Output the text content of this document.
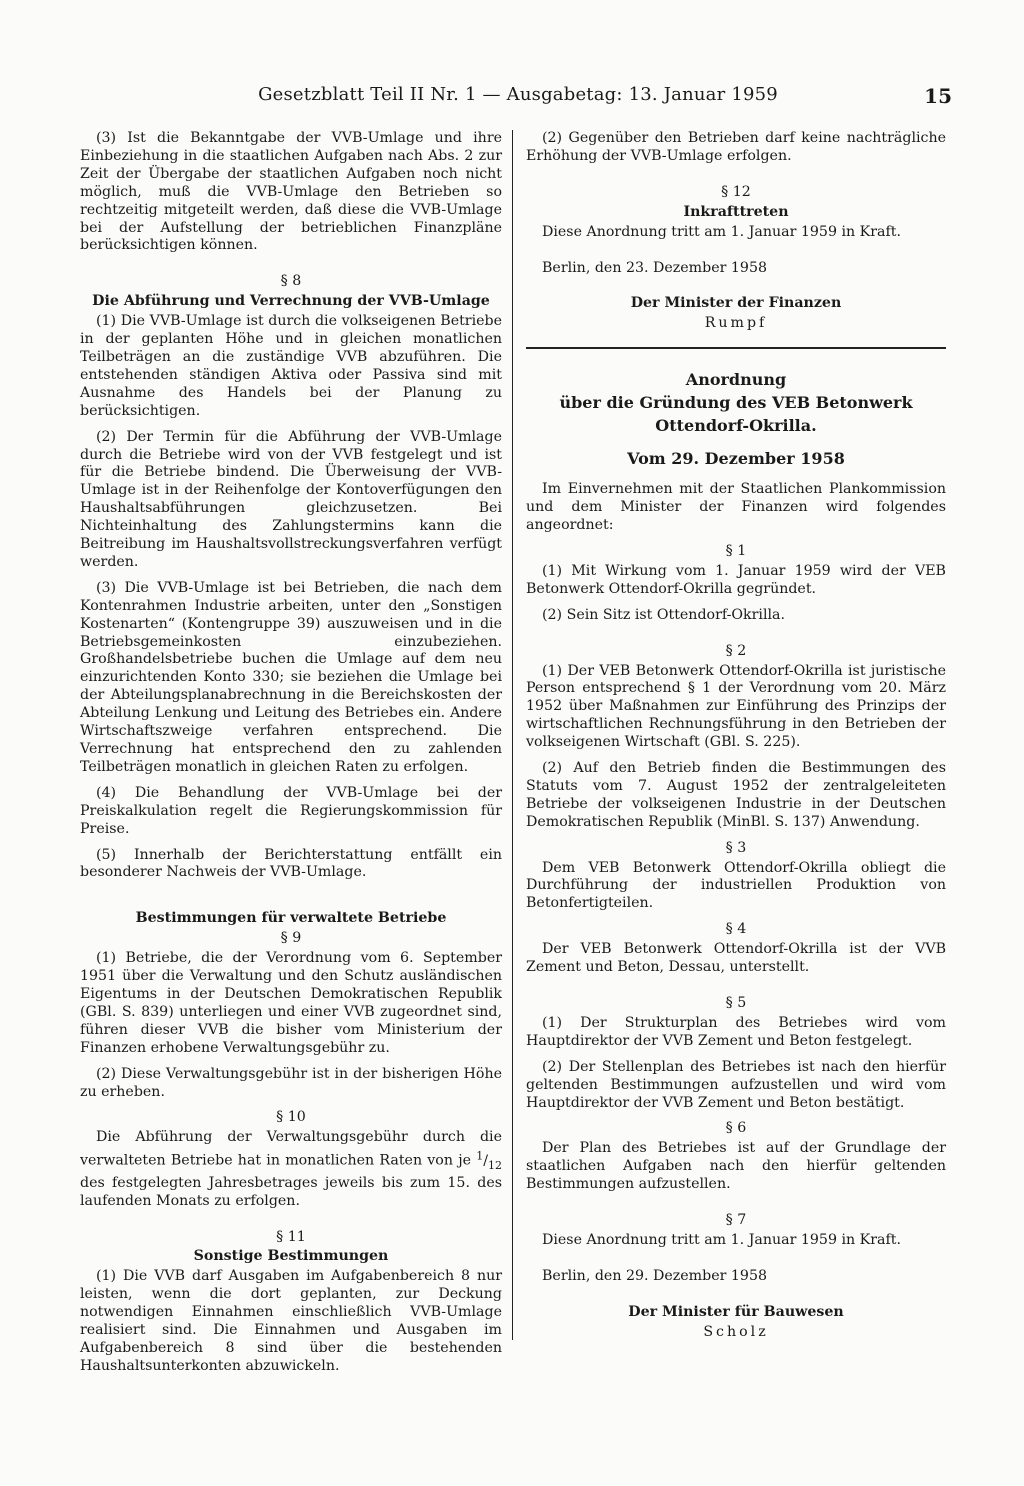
Gesetzblatt Teil II Nr. 1 — Ausgabetag: 13. Januar 1959	15

(3) Ist die Bekanntgabe der VVB-Umlage und ihre Einbeziehung in die staatlichen Aufgaben nach Abs. 2 zur Zeit der Übergabe der staatlichen Aufgaben noch nicht möglich, muß die VVB-Umlage den Betrieben so rechtzeitig mitgeteilt werden, daß diese die VVB-Umlage bei der Aufstellung der betrieblichen Finanzpläne berücksichtigen können.

§ 8

Die Abführung und Verrechnung der VVB-Umlage

(1) Die VVB-Umlage ist durch die volkseigenen Betriebe in der geplanten Höhe und in gleichen monatlichen Teilbeträgen an die zuständige VVB abzuführen. Die entstehenden ständigen Aktiva oder Passiva sind mit Ausnahme des Handels bei der Planung zu berücksichtigen.

(2) Der Termin für die Abführung der VVB-Umlage durch die Betriebe wird von der VVB festgelegt und ist für die Betriebe bindend. Die Überweisung der VVB-Umlage ist in der Reihenfolge der Kontoverfügungen den Haushaltsabführungen gleichzusetzen. Bei Nichteinhaltung des Zahlungstermins kann die Beitreibung im Haushaltsvollstreckungsverfahren verfügt werden.

(3) Die VVB-Umlage ist bei Betrieben, die nach dem Kontenrahmen Industrie arbeiten, unter den „Sonstigen Kostenarten“ (Kontengruppe 39) auszuweisen und in die Betriebsgemeinkosten einzubeziehen. Großhandelsbetriebe buchen die Umlage auf dem neu einzurichtenden Konto 330; sie beziehen die Umlage bei der Abteilungsplanabrechnung in die Bereichskosten der Abteilung Lenkung und Leitung des Betriebes ein. Andere Wirtschaftszweige verfahren entsprechend. Die Verrechnung hat entsprechend den zu zahlenden Teilbeträgen monatlich in gleichen Raten zu erfolgen.

(4) Die Behandlung der VVB-Umlage bei der Preiskalkulation regelt die Regierungskommission für Preise.

(5) Innerhalb der Berichterstattung entfällt ein besonderer Nachweis der VVB-Umlage.

Bestimmungen für verwaltete Betriebe

§ 9

(1) Betriebe, die der Verordnung vom 6. September 1951 über die Verwaltung und den Schutz ausländischen Eigentums in der Deutschen Demokratischen Republik (GBl. S. 839) unterliegen und einer VVB zugeordnet sind, führen dieser VVB die bisher vom Ministerium der Finanzen erhobene Verwaltungsgebühr zu.

(2) Diese Verwaltungsgebühr ist in der bisherigen Höhe zu erheben.

§ 10

Die Abführung der Verwaltungsgebühr durch die verwalteten Betriebe hat in monatlichen Raten von je $^1/_{12}$ des festgelegten Jahresbetrages jeweils bis zum 15. des laufenden Monats zu erfolgen.

§ 11

Sonstige Bestimmungen

(1) Die VVB darf Ausgaben im Aufgabenbereich 8 nur leisten, wenn die dort geplanten, zur Deckung notwendigen Einnahmen einschließlich VVB-Umlage realisiert sind. Die Einnahmen und Ausgaben im Aufgabenbereich 8 sind über die bestehenden Haushaltsunterkonten abzuwickeln.

(2) Gegenüber den Betrieben darf keine nachträgliche Erhöhung der VVB-Umlage erfolgen.

§ 12

Inkrafttreten

Diese Anordnung tritt am 1. Januar 1959 in Kraft.

Berlin, den 23. Dezember 1958

Der Minister der Finanzen

Rumpf

Anordnung

über die Gründung des VEB Betonwerk

Ottendorf-Okrilla.

Vom 29. Dezember 1958

Im Einvernehmen mit der Staatlichen Plankommission und dem Minister der Finanzen wird folgendes angeordnet:

§ 1

(1) Mit Wirkung vom 1. Januar 1959 wird der VEB Betonwerk Ottendorf-Okrilla gegründet.

(2) Sein Sitz ist Ottendorf-Okrilla.

§ 2

(1) Der VEB Betonwerk Ottendorf-Okrilla ist juristische Person entsprechend § 1 der Verordnung vom 20. März 1952 über Maßnahmen zur Einführung des Prinzips der wirtschaftlichen Rechnungsführung in den Betrieben der volkseigenen Wirtschaft (GBl. S. 225).

(2) Auf den Betrieb finden die Bestimmungen des Statuts vom 7. August 1952 der zentralgeleiteten Betriebe der volkseigenen Industrie in der Deutschen Demokratischen Republik (MinBl. S. 137) Anwendung.

§ 3

Dem VEB Betonwerk Ottendorf-Okrilla obliegt die Durchführung der industriellen Produktion von Betonfertigteilen.

§ 4

Der VEB Betonwerk Ottendorf-Okrilla ist der VVB Zement und Beton, Dessau, unterstellt.

§ 5

(1) Der Strukturplan des Betriebes wird vom Hauptdirektor der VVB Zement und Beton festgelegt.

(2) Der Stellenplan des Betriebes ist nach den hierfür geltenden Bestimmungen aufzustellen und wird vom Hauptdirektor der VVB Zement und Beton bestätigt.

§ 6

Der Plan des Betriebes ist auf der Grundlage der staatlichen Aufgaben nach den hierfür geltenden Bestimmungen aufzustellen.

§ 7

Diese Anordnung tritt am 1. Januar 1959 in Kraft.

Berlin, den 29. Dezember 1958

Der Minister für Bauwesen

Scholz
